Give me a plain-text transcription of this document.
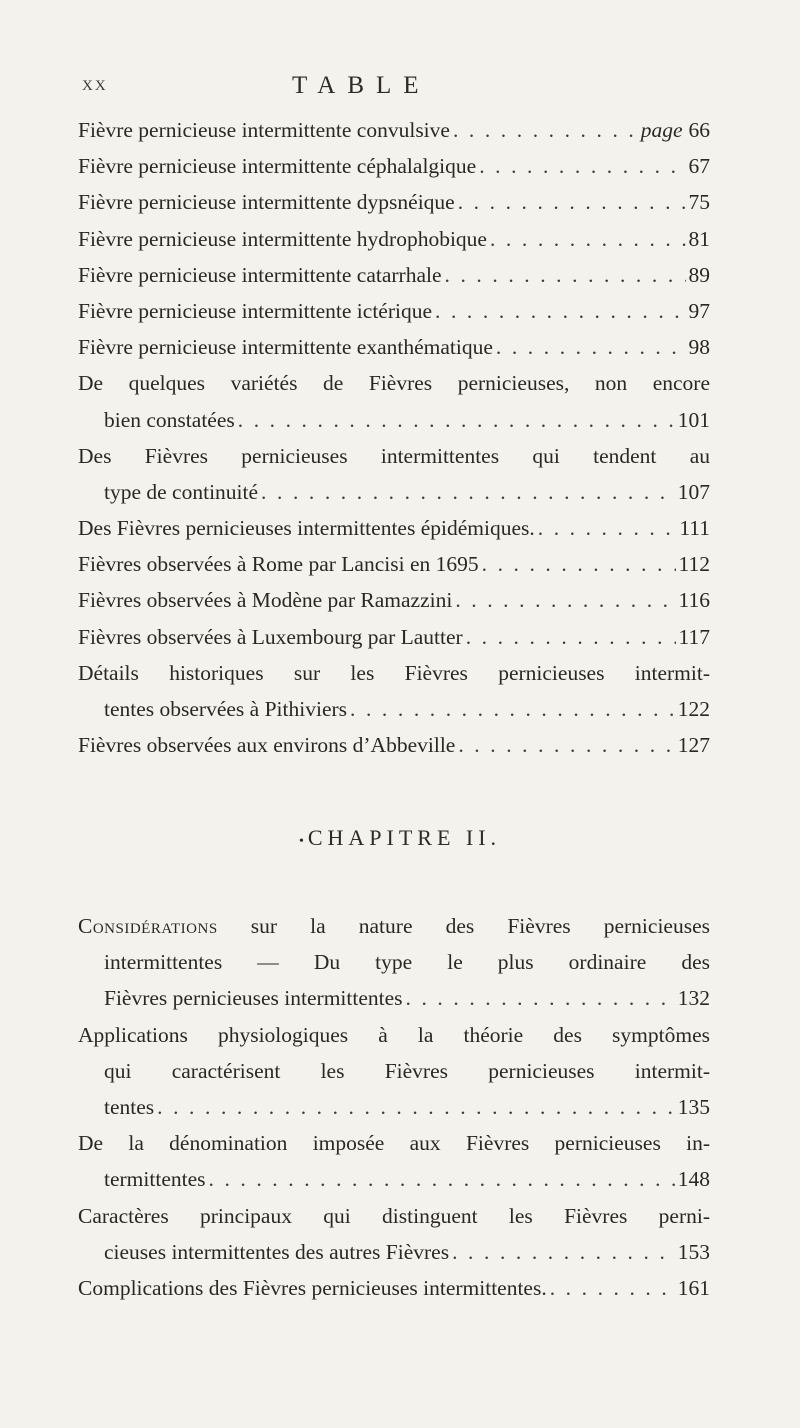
XX	TABLE
Fièvre pernicieuse intermittente convulsive . . .	page 66
Fièvre pernicieuse intermittente céphalalgique . . .	67
Fièvre pernicieuse intermittente dypsnéique . . .	75
Fièvre pernicieuse intermittente hydrophobique . . .	81
Fièvre pernicieuse intermittente catarrhale . . .	89
Fièvre pernicieuse intermittente ictérique . . .	97
Fièvre pernicieuse intermittente exanthématique . . .	98
De quelques variétés de Fièvres pernicieuses, non encore
bien constatées . . .	101
Des Fièvres pernicieuses intermittentes qui tendent au
type de continuité . . .	107
Des Fièvres pernicieuses intermittentes épidémiques. . . .	111
Fièvres observées à Rome par Lancisi en 1695 . . .	112
Fièvres observées à Modène par Ramazzini . . .	116
Fièvres observées à Luxembourg par Lautter . . .	117
Détails historiques sur les Fièvres pernicieuses intermit-
tentes observées à Pithiviers . . .	122
Fièvres observées aux environs d’Abbeville . . .	127
• CHAPITRE II.
Considérations sur la nature des Fièvres pernicieuses
intermittentes — Du type le plus ordinaire des
Fièvres pernicieuses intermittentes . . .	132
Applications physiologiques à la théorie des symptômes
qui caractérisent les Fièvres pernicieuses intermit-
tentes . . .	135
De la dénomination imposée aux Fièvres pernicieuses in-
termittentes . . .	148
Caractères principaux qui distinguent les Fièvres perni-
cieuses intermittentes des autres Fièvres . . .	153
Complications des Fièvres pernicieuses intermittentes. . . .	161
